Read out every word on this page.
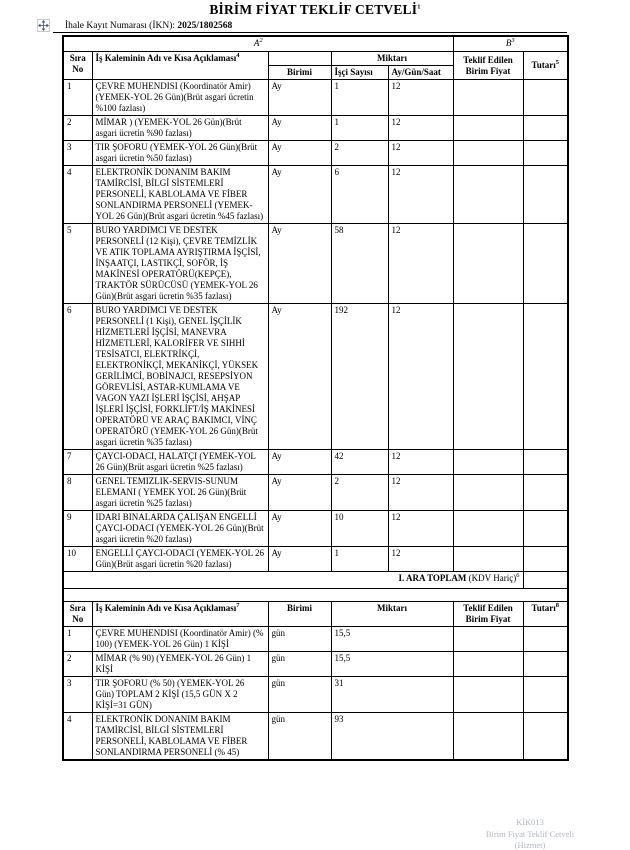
BİRİM FİYAT TEKLİF CETVELİ$^1$
İhale Kayıt Numarası (İKN): 2025/1802568
$A^2$					$B^3$
Sıra No	İş Kaleminin Adı ve Kısa Açıklaması$^4$		Miktarı		Teklif Edilen Birim Fiyat	Tutarı$^5$
		Birimi	İşçi Sayısı	Ay/Gün/Saat		
1	ÇEVRE MUHENDISI (Koordinatör Amir) (YEMEK-YOL 26 Gün)(Brüt asgari ücretin %100 fazlası)	Ay	1	12		
2	MİMAR ) (YEMEK-YOL 26 Gün)(Brüt asgari ücretin %90 fazlası)	Ay	1	12		
3	TIR ŞOFORU (YEMEK-YOL 26 Gün)(Brüt asgari ücretin %50 fazlası)	Ay	2	12		
4	ELEKTRONİK DONANIM BAKIM TAMİRCİSİ, BİLGİ SİSTEMLERİ PERSONELİ, KABLOLAMA VE FİBER SONLANDIRMA PERSONELİ (YEMEK-YOL 26 Gün)(Brüt asgari ücretin %45 fazlası)	Ay	6	12		
5	BURO YARDIMCI VE DESTEK PERSONELİ (12 Kişi), ÇEVRE TEMİZLİK VE ATIK TOPLAMA AYRIŞTIRMA İŞÇİSİ, İNŞAATÇI, LASTIKÇİ, SOFÖR, İŞ MAKİNESİ OPERATÖRÜ(KEPÇE), TRAKTÖR SÜRÜCÜSÜ (YEMEK-YOL 26 Gün)(Brüt asgari ücretin %35 fazlası)	Ay	58	12		
6	BURO YARDIMCI VE DESTEK PERSONELİ (1 Kişi), GENEL İŞÇİLİK HİZMETLERİ İŞÇİSİ, MANEVRA HİZMETLERİ, KALORİFER VE SIHHİ TESİSATCI, ELEKTRİKÇİ, ELEKTRONİKÇİ, MEKANİKÇİ, YÜKSEK GERİLİMCİ, BOBİNAJCI, RESEPSİYON GÖREVLİSİ, ASTAR-KUMLAMA VE VAGON YAZI İŞLERİ İŞÇİSİ, AHŞAP İŞLERİ İŞÇİSİ, FORKLİFT/İŞ MAKİNESİ OPERATÖRÜ VE ARAÇ BAKIMCI, VİNÇ OPERATÖRÜ (YEMEK-YOL 26 Gün)(Brüt asgari ücretin %35 fazlası)	Ay	192	12		
7	ÇAYCI-ODACI, HALATÇI (YEMEK-YOL 26 Gün)(Brüt asgari ücretin %25 fazlası)	Ay	42	12		
8	GENEL TEMIZLIK-SERVIS-SUNUM ELEMANI ( YEMEK YOL 26 Gün)(Brüt asgari ücretin %25 fazlası)	Ay	2	12		
9	IDARI BINALARDA ÇALIŞAN ENGELLİ ÇAYCI-ODACI (YEMEK-YOL 26 Gün)(Brüt asgari ücretin %20 fazlası)	Ay	10	12		
10	ENGELLİ ÇAYCI-ODACI (YEMEK-YOL 26 Gün)(Brüt asgari ücretin %20 fazlası)	Ay	1	12		
I. ARA TOPLAM (KDV Hariç)$^6$	

Sıra No	İş Kaleminin Adı ve Kısa Açıklaması$^7$	Birimi	Miktarı		Teklif Edilen Birim Fiyat	Tutarı$^8$
1	ÇEVRE MUHENDISI (Koordinatör Amir) (% 100) (YEMEK-YOL 26 Gün) 1 KİŞİ	gün	15,5			
2	MİMAR (% 90) (YEMEK-YOL 26 Gün) 1 KİŞİ	gün	15,5			
3	TIR ŞOFORU (% 50) (YEMEK-YOL 26 Gün) TOPLAM 2 KİŞİ (15,5 GÜN X 2 KİŞİ=31 GÜN)	gün	31			
4	ELEKTRONİK DONANIM BAKIM TAMİRCİSİ, BİLGİ SİSTEMLERİ PERSONELİ, KABLOLAMA VE FİBER SONLANDIRMA PERSONELİ (% 45)	gün	93			
KİK013
Birim Fiyat Teklif Cetveli
(Hizmet)
